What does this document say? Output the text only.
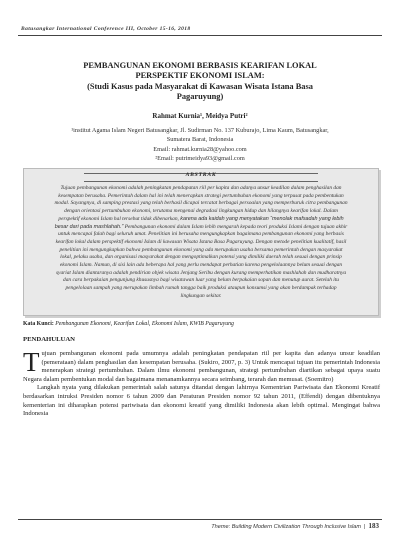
Batusangkar International Conference III, October 15-16, 2018
PEMBANGUNAN EKONOMI BERBASIS KEARIFAN LOKAL
PERSPEKTIF EKONOMI ISLAM:
(Studi Kasus pada Masyarakat di Kawasan Wisata Istana Basa
Pagaruyung)
Rahmat Kurnia¹, Meidya Putri²
¹institut Agama Islam Negeri Batusangkar, Jl. Sudirman No. 137 Kuburajo, Lima Kaum, Batusangkar,
Sumatera Barat, Indonesia
Email: rahmat.kurnia28@yahoo.com
²Email: putrimeidya93@gmail.com
ABSTRAK
Tujuan pembangunan ekonomi adalah peningkatan pendapatan riil per kapita dan adanya unsur keadilan dalam penghasilan dan kesempatan berusaha. Pemerintah dalam hal ini telah menerapkan strategi pertumbuhan ekonomi yang terpusat pada pembentukan modal. Sayangnya, di samping prestasi yang telah berhasil dicapai tercatat berbagai persoalan yang memperburuk citra pembangunan dengan orientasi pertumbuhan ekonomi, terutama mengenai degradasi lingkungan hidup dan hilangnya kearifan lokal. Dalam perspektif ekonomi Islam hal tersebut tidak dibenarkan, karena ada kaidah yang menyatakan “menolak mafsadah yang lebih besar dari pada mashlahah.” Pembangunan ekonomi dalam Islam lebih mengarah kepada teori produksi Islami dengan tujuan akhir untuk mencapai falah bagi seluruh umat. Penelitian ini berusaha mengungkapkan bagaimana pembangunan ekonomi yang berbasis kearifan lokal dalam perspektif ekonomi Islam di kawasan Wisata Istana Basa Pagaruyung. Dengan metode penelitian kualitatif, hasil penelitian ini mengungkapkan bahwa pembangunan ekonomi yang ada merupakan usaha bersama pemerintah dengan masyarakat lokal, pelaku usaha, dan organisasi masyarakat dengan mengoptimalkan potensi yang dimiliki daerah telah sesuai dengan prinsip ekonomi Islam. Namun, di sisi lain ada beberapa hal yang perlu mendapat perhatian karena pengelolaannya belum sesuai dengan syariat Islam diantaranya adalah pendirian objek wisata Jenjang Seribu dengan kurang memperhatikan mashlahah dan mudharatnya dan cara berpakaian pengunjung khususnya bagi wisatawan luar yang belum berpakaian sopan dan menutup aurat. Setelah itu pengelolaan sampah yang merupakan limbah rumah tangga baik produksi ataupun konsumsi yang akan berdampak terhadap lingkungan sekitar.
Kata Kunci: Pembangunan Ekonomi, Kearifan Lokal, Ekonomi Islam, KWIB Pagaruyung
PENDAHULUAN

Tujuan pembangunan ekonomi pada umumnya adalah peningkatan pendapatan riil per kapita dan adanya unsur keadilan (pemerataan) dalam penghasilan dan kesempatan berusaha. (Sukiro, 2007, p. 3) Untuk mencapai tujuan itu pemerintah Indonesia menerapkan strategi pertumbuhan. Dalam ilmu ekonomi pembangunan, strategi pertumbuhan diartikan sebagai upaya suatu Negara dalam pembentukan modal dan bagaimana menanamkannya secara seimbang, terarah dan memusat. (Soemitro)

Langkah nyata yang dilakukan pemerintah salah satunya ditandai dengan lahirnya Kementrian Pariwisata dan Ekonomi Kreatif berdasarkan intruksi Presiden nomor 6 tahun 2009 dan Peraturan Presiden nomor 92 tahun 2011, (Effendi) dengan dibentuknya kementerian ini diharapkan potensi pariwisata dan ekonomi kreatif yang dimiliki Indonesia akan lebih optimal. Mengingat bahwa Indonesia

Theme: Building Modern Civilization Through Inclusive Islam | 183
